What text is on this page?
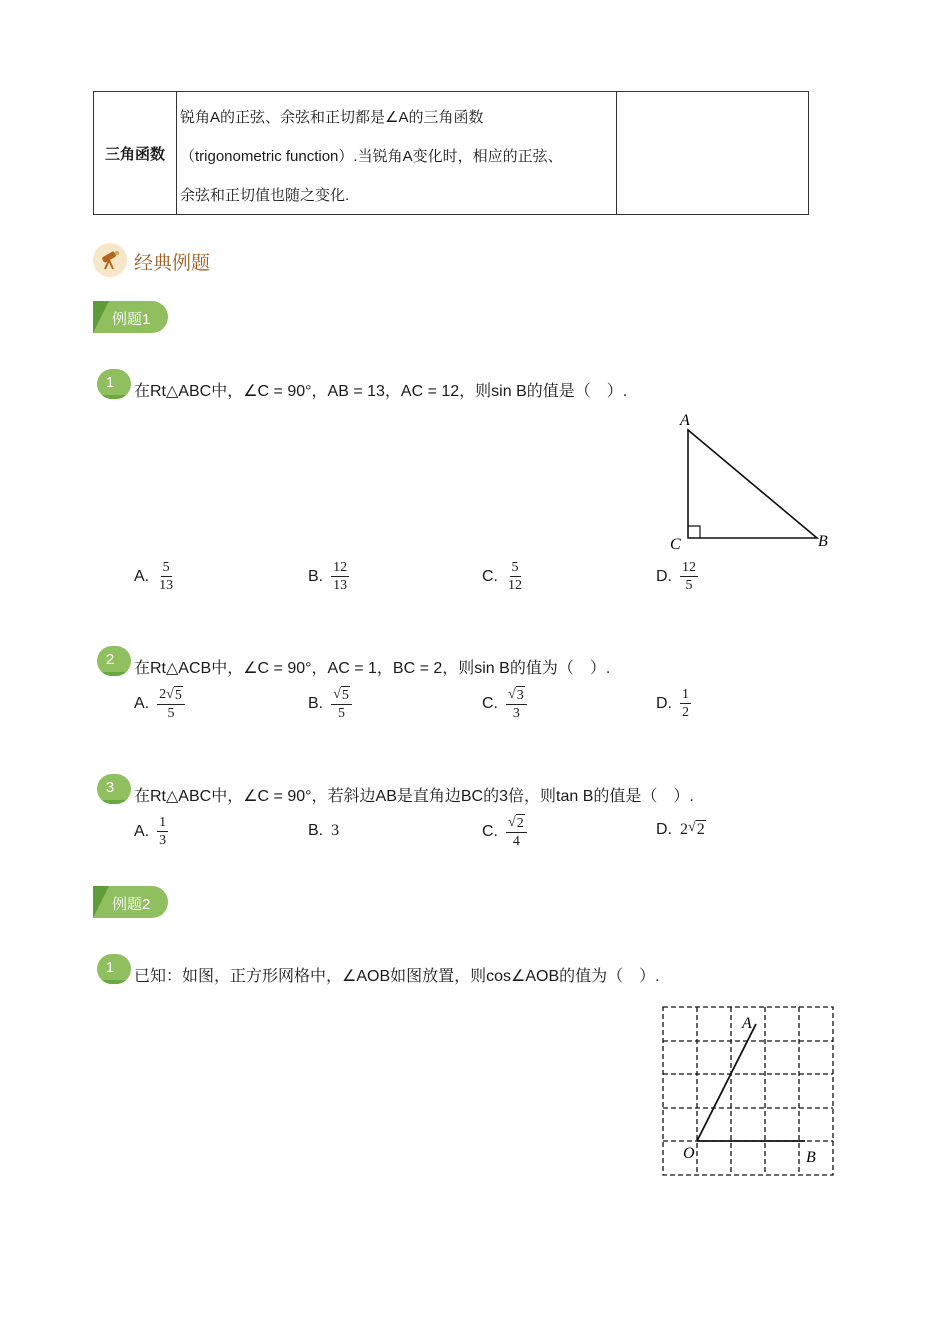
三角函数
锐角A的正弦、余弦和正切都是∠A的三角函数
（trigonometric function）.当锐角A变化时，相应的正弦、
余弦和正切值也随之变化.
经典例题
例题1
1
在Rt△ABC中，∠C = 90°，AB = 13，AC = 12，则sin B的值是（　）.
A
C	B
A. $\frac{5}{13}$	B. $\frac{12}{13}$	C. $\frac{5}{12}$	D. $\frac{12}{5}$
2
在Rt△ACB中，∠C = 90°，AC = 1，BC = 2，则sin B的值为（　）.
A. $\frac{2 √ 5}{5}$	B. $\frac{√ 5}{5}$	C. $\frac{√ 3}{3}$	D. $\frac{1}{2}$
3
在Rt△ABC中，∠C = 90°，若斜边AB是直角边BC的3倍，则tan B的值是（　）.
A. $\frac{1}{3}$	B. 3	C. $\frac{√ 2}{4}$	D. 2 √ 2
例题2
1
已知：如图，正方形网格中，∠AOB如图放置，则cos∠AOB的值为（　）.
A
O	B
